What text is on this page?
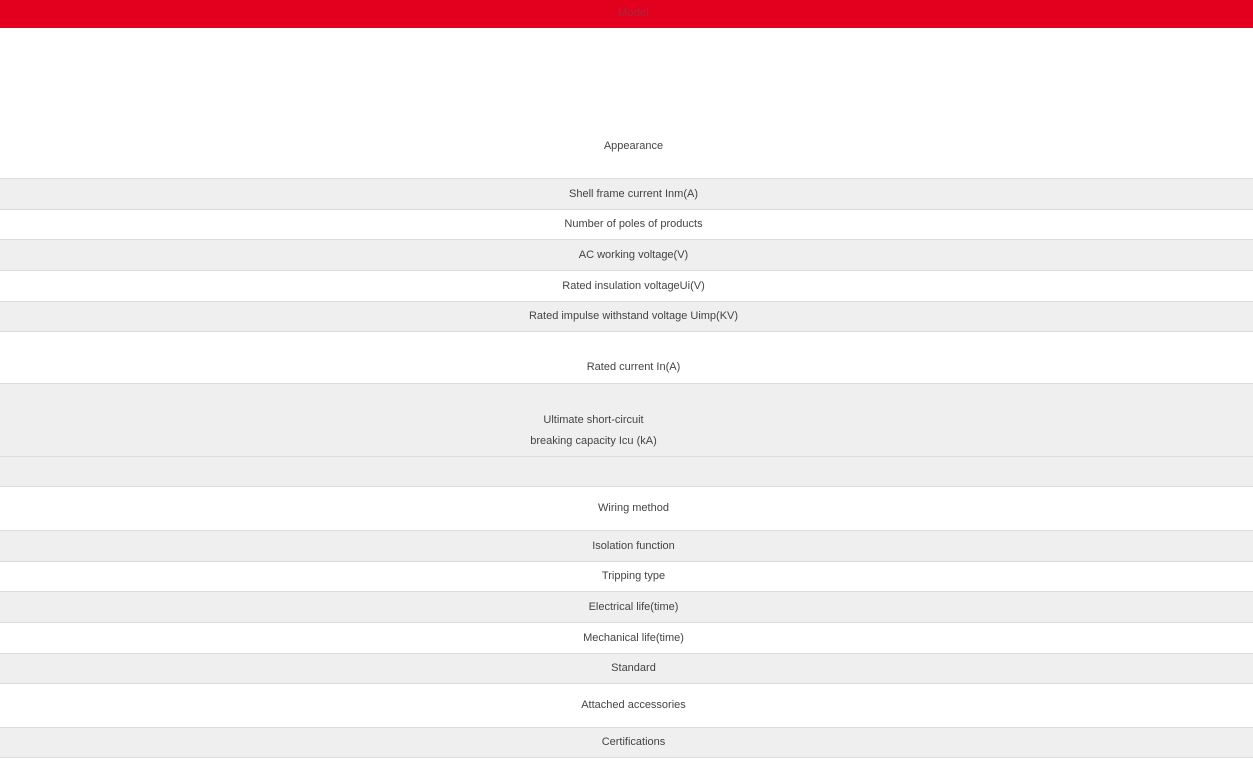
Model
Appearance
Shell frame current Inm(A)
Number of poles of products
AC working voltage(V)
Rated insulation voltageUi(V)
Rated impulse withstand voltage Uimp(KV)
Rated current In(A)
Ultimate short-circuit
breaking capacity Icu (kA)
Wiring method
Isolation function
Tripping type
Electrical life(time)
Mechanical life(time)
Standard
Attached accessories
Certifications
